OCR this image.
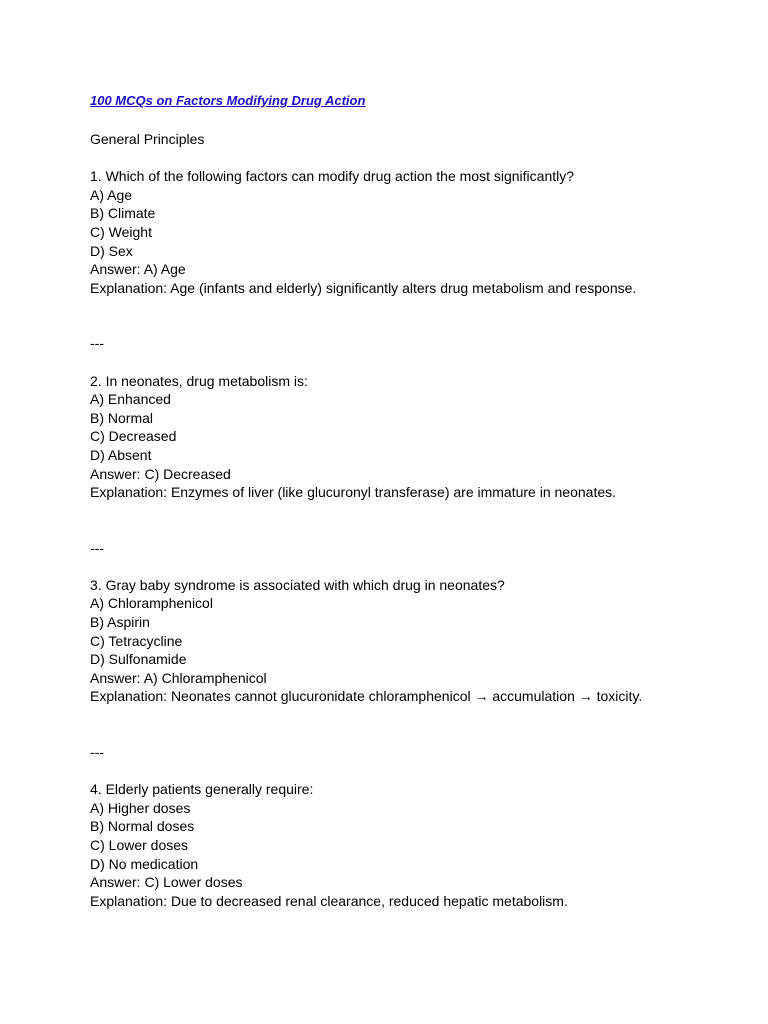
100 MCQs on Factors Modifying Drug Action
General Principles
1. Which of the following factors can modify drug action the most significantly?
A) Age
B) Climate
C) Weight
D) Sex
Answer: A) Age
Explanation: Age (infants and elderly) significantly alters drug metabolism and response.
---
2. In neonates, drug metabolism is:
A) Enhanced
B) Normal
C) Decreased
D) Absent
Answer: C) Decreased
Explanation: Enzymes of liver (like glucuronyl transferase) are immature in neonates.
---
3. Gray baby syndrome is associated with which drug in neonates?
A) Chloramphenicol
B) Aspirin
C) Tetracycline
D) Sulfonamide
Answer: A) Chloramphenicol
Explanation: Neonates cannot glucuronidate chloramphenicol → accumulation → toxicity.
---
4. Elderly patients generally require:
A) Higher doses
B) Normal doses
C) Lower doses
D) No medication
Answer: C) Lower doses
Explanation: Due to decreased renal clearance, reduced hepatic metabolism.
